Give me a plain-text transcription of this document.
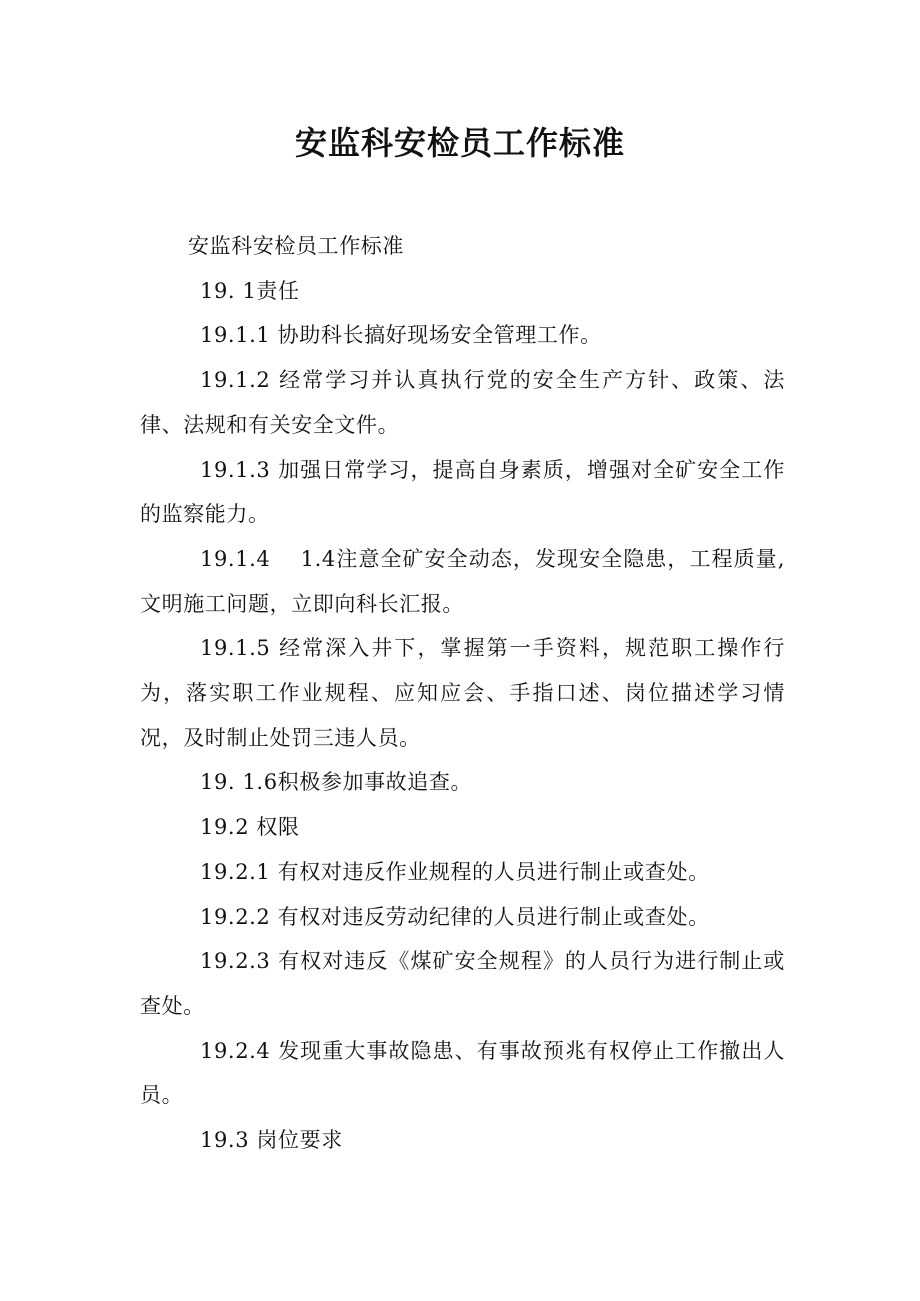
安监科安检员工作标准

安监科安检员工作标准

19. 1责任

19.1.1 协助科长搞好现场安全管理工作。

19.1.2 经常学习并认真执行党的安全生产方针、政策、法律、法规和有关安全文件。

19.1.3 加强日常学习，提高自身素质，增强对全矿安全工作的监察能力。

19.1.4　 1.4注意全矿安全动态，发现安全隐患，工程质量,文明施工问题，立即向科长汇报。

19.1.5 经常深入井下，掌握第一手资料，规范职工操作行为，落实职工作业规程、应知应会、手指口述、岗位描述学习情况，及时制止处罚三违人员。

19. 1.6积极参加事故追查。

19.2 权限

19.2.1 有权对违反作业规程的人员进行制止或查处。

19.2.2 有权对违反劳动纪律的人员进行制止或查处。

19.2.3 有权对违反《煤矿安全规程》的人员行为进行制止或查处。

19.2.4 发现重大事故隐患、有事故预兆有权停止工作撤出人员。

19.3 岗位要求
